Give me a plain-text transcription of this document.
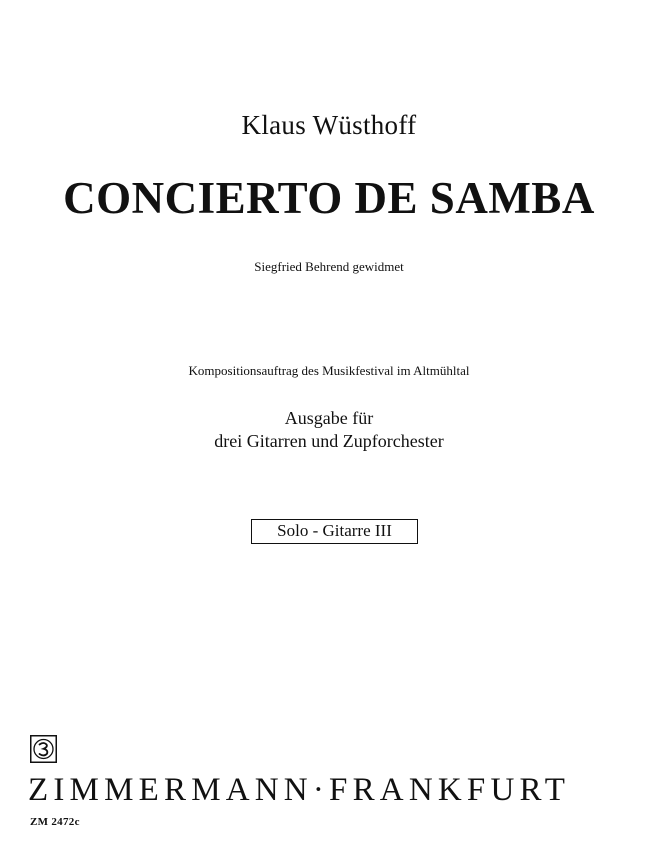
Klaus Wüsthoff
CONCIERTO DE SAMBA
Siegfried Behrend gewidmet
Kompositionsauftrag des Musikfestival im Altmühltal
Ausgabe für
drei Gitarren und Zupforchester
Solo - Gitarre III
ZIMMERMANN·FRANKFURT
ZM 2472c
